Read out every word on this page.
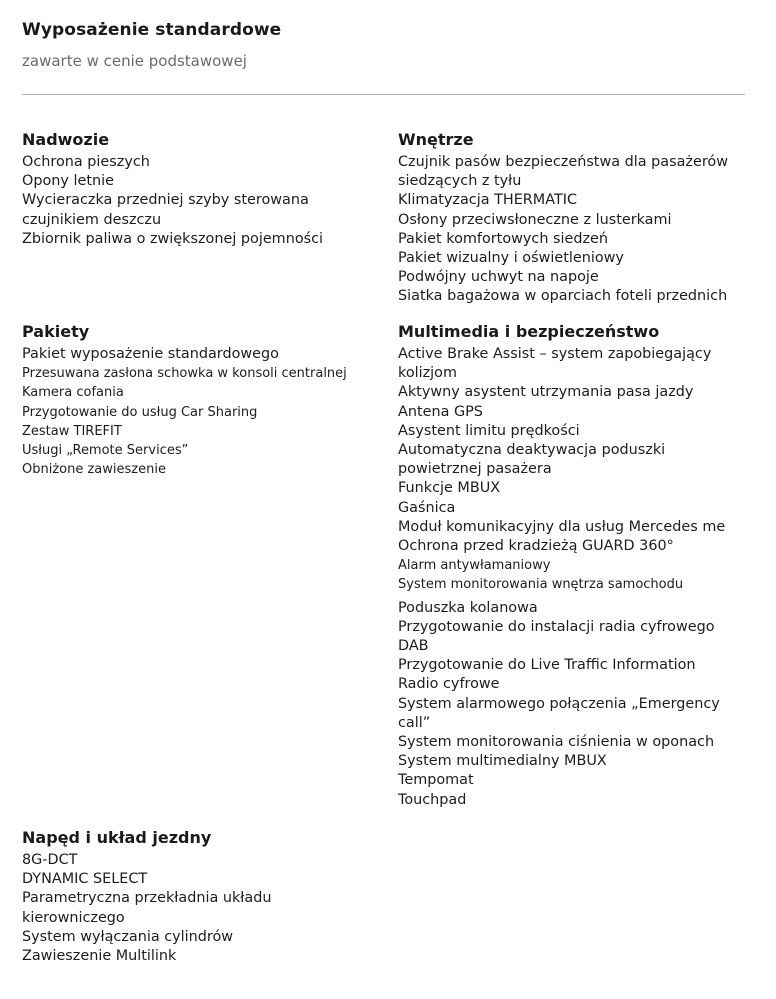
Wyposażenie standardowe
zawarte w cenie podstawowej
Nadwozie
Ochrona pieszych
Opony letnie
Wycieraczka przedniej szyby sterowana
czujnikiem deszczu
Zbiornik paliwa o zwiększonej pojemności
Wnętrze
Czujnik pasów bezpieczeństwa dla pasażerów
siedzących z tyłu
Klimatyzacja THERMATIC
Osłony przeciwsłoneczne z lusterkami
Pakiet komfortowych siedzeń
Pakiet wizualny i oświetleniowy
Podwójny uchwyt na napoje
Siatka bagażowa w oparciach foteli przednich
Pakiety
Pakiet wyposażenie standardowego
Przesuwana zasłona schowka w konsoli centralnej
Kamera cofania
Przygotowanie do usług Car Sharing
Zestaw TIREFIT
Usługi „Remote Services”
Obniżone zawieszenie
Multimedia i bezpieczeństwo
Active Brake Assist – system zapobiegający
kolizjom
Aktywny asystent utrzymania pasa jazdy
Antena GPS
Asystent limitu prędkości
Automatyczna deaktywacja poduszki
powietrznej pasażera
Funkcje MBUX
Gaśnica
Moduł komunikacyjny dla usług Mercedes me
Ochrona przed kradzieżą GUARD 360°
Alarm antywłamaniowy
System monitorowania wnętrza samochodu
Poduszka kolanowa
Przygotowanie do instalacji radia cyfrowego
DAB
Przygotowanie do Live Traffic Information
Radio cyfrowe
System alarmowego połączenia „Emergency
call”
System monitorowania ciśnienia w oponach
System multimedialny MBUX
Tempomat
Touchpad
Napęd i układ jezdny
8G-DCT
DYNAMIC SELECT
Parametryczna przekładnia układu
kierowniczego
System wyłączania cylindrów
Zawieszenie Multilink
